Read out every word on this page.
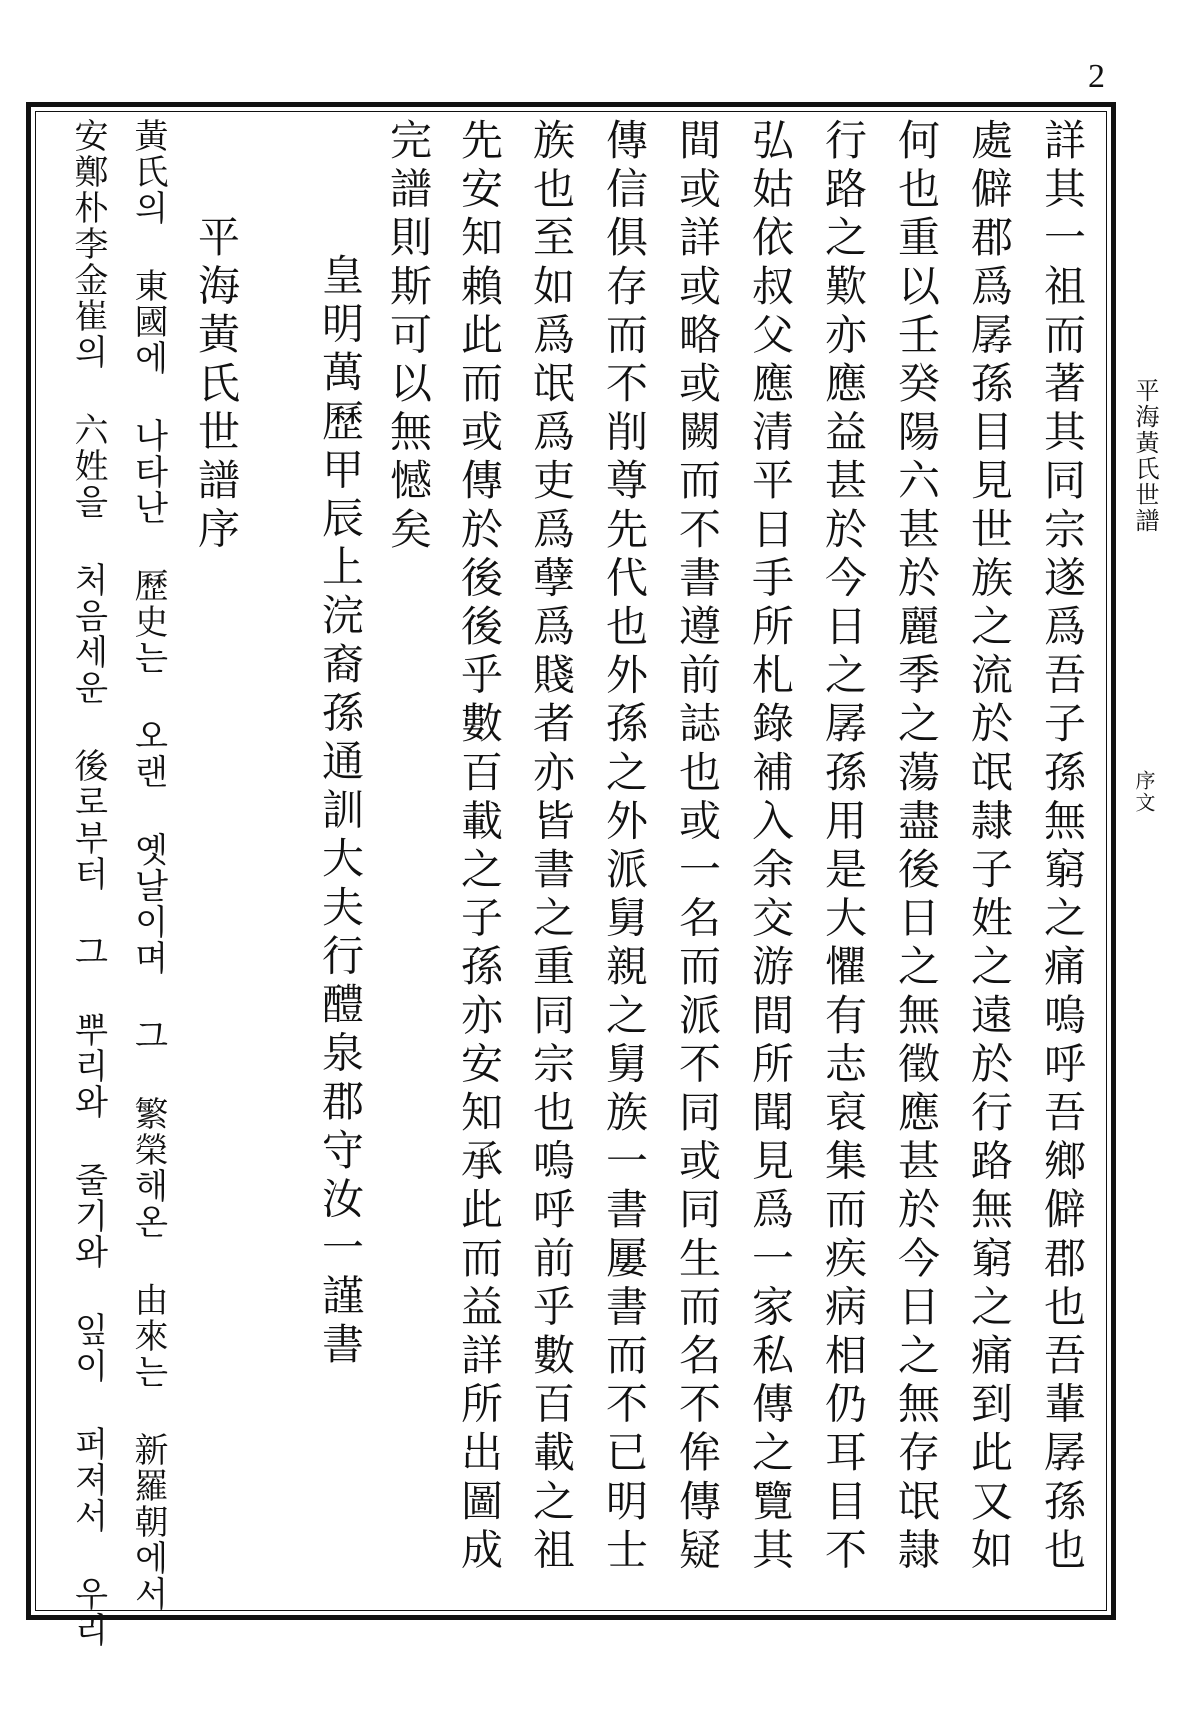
2
平海黃氏世譜
序文
詳其一祖而著其同宗遂爲吾子孫無窮之痛嗚呼吾鄉僻郡也吾輩孱孫也
處僻郡爲孱孫目見世族之流於氓隷子姓之遠於行路無窮之痛到此又如
何也重以壬癸陽六甚於麗季之蕩盡後日之無徵應甚於今日之無存氓隷
行路之歎亦應益甚於今日之孱孫用是大懼有志裒集而疾病相仍耳目不
弘姑依叔父應清平日手所札錄補入余交游間所聞見爲一家私傳之覽其
間或詳或略或闕而不書遵前誌也或一名而派不同或同生而名不侔傳疑
傳信俱存而不削尊先代也外孫之外派舅親之舅族一書屢書而不已明士
族也至如爲氓爲吏爲孽爲賤者亦皆書之重同宗也嗚呼前乎數百載之祖
先安知賴此而或傳於後後乎數百載之子孫亦安知承此而益詳所出圖成
完譜則斯可以無憾矣
皇明萬歷甲辰上浣裔孫通訓大夫行醴泉郡守汝一謹書
平海黃氏世譜序
黃氏의 東國에 나타난 歷史는 오랜 옛날이며 그 繁榮해온 由來는 新羅朝에서
安鄭朴李金崔의 六姓을 처음세운 後로부터 그 뿌리와 줄기와 잎이 퍼져서 우리
